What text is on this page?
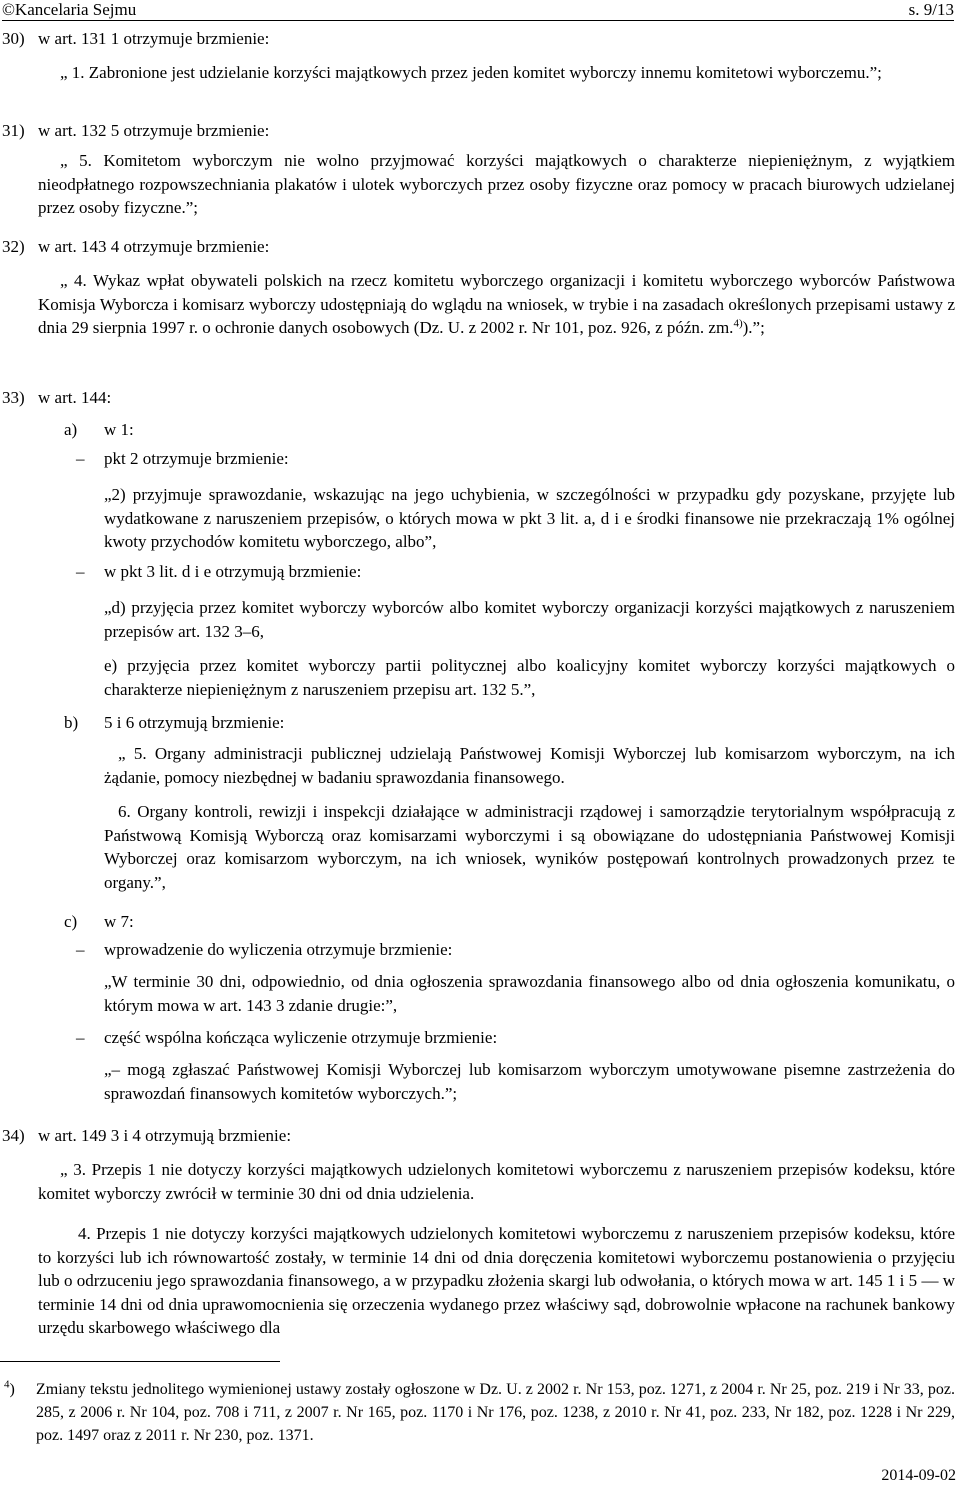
©Kancelaria Sejmu	s. 9/13
30) w art. 131 1 otrzymuje brzmienie:

„ 1. Zabronione jest udzielanie korzyści majątkowych przez jeden komitet wyborczy innemu komitetowi wyborczemu.”;

31) w art. 132 5 otrzymuje brzmienie:

„ 5. Komitetom wyborczym nie wolno przyjmować korzyści majątkowych o charakterze niepieniężnym, z wyjątkiem nieodpłatnego rozpowszechniania plakatów i ulotek wyborczych przez osoby fizyczne oraz pomocy w pracach biurowych udzielanej przez osoby fizyczne.”;

32) w art. 143 4 otrzymuje brzmienie:

„ 4. Wykaz wpłat obywateli polskich na rzecz komitetu wyborczego organizacji i komitetu wyborczego wyborców Państwowa Komisja Wyborcza i komisarz wyborczy udostępniają do wglądu na wniosek, w trybie i na zasadach określonych przepisami ustawy z dnia 29 sierpnia 1997 r. o ochronie danych osobowych (Dz. U. z 2002 r. Nr 101, poz. 926, z późn. zm.$^{4)}$).”;

33) w art. 144:
a) w 1:
– pkt 2 otrzymuje brzmienie:

„2) przyjmuje sprawozdanie, wskazując na jego uchybienia, w szczególności w przypadku gdy pozyskane, przyjęte lub wydatkowane z naruszeniem przepisów, o których mowa w pkt 3 lit. a, d i e środki finansowe nie przekraczają 1% ogólnej kwoty przychodów komitetu wyborczego, albo”,

– w pkt 3 lit. d i e otrzymują brzmienie:

„d) przyjęcia przez komitet wyborczy wyborców albo komitet wyborczy organizacji korzyści majątkowych z naruszeniem przepisów art. 132 3–6,

e) przyjęcia przez komitet wyborczy partii politycznej albo koalicyjny komitet wyborczy korzyści majątkowych o charakterze niepieniężnym z naruszeniem przepisu art. 132 5.”,

b) 5 i 6 otrzymują brzmienie:

„ 5. Organy administracji publicznej udzielają Państwowej Komisji Wyborczej lub komisarzom wyborczym, na ich żądanie, pomocy niezbędnej w badaniu sprawozdania finansowego.

6. Organy kontroli, rewizji i inspekcji działające w administracji rządowej i samorządzie terytorialnym współpracują z Państwową Komisją Wyborczą oraz komisarzami wyborczymi i są obowiązane do udostępniania Państwowej Komisji Wyborczej oraz komisarzom wyborczym, na ich wniosek, wyników postępowań kontrolnych prowadzonych przez te organy.”,

c) w 7:
– wprowadzenie do wyliczenia otrzymuje brzmienie:

„W terminie 30 dni, odpowiednio, od dnia ogłoszenia sprawozdania finansowego albo od dnia ogłoszenia komunikatu, o którym mowa w art. 143 3 zdanie drugie:”,

– część wspólna kończąca wyliczenie otrzymuje brzmienie:

„– mogą zgłaszać Państwowej Komisji Wyborczej lub komisarzom wyborczym umotywowane pisemne zastrzeżenia do sprawozdań finansowych komitetów wyborczych.”;

34) w art. 149 3 i 4 otrzymują brzmienie:

„ 3. Przepis 1 nie dotyczy korzyści majątkowych udzielonych komitetowi wyborczemu z naruszeniem przepisów kodeksu, które komitet wyborczy zwrócił w terminie 30 dni od dnia udzielenia.

4. Przepis 1 nie dotyczy korzyści majątkowych udzielonych komitetowi wyborczemu z naruszeniem przepisów kodeksu, które to korzyści lub ich równowartość zostały, w terminie 14 dni od dnia doręczenia komitetowi wyborczemu postanowienia o przyjęciu lub o odrzuceniu jego sprawozdania finansowego, a w przypadku złożenia skargi lub odwołania, o których mowa w art. 145 1 i 5 — w terminie 14 dni od dnia uprawomocnienia się orzeczenia wydanego przez właściwy sąd, dobrowolnie wpłacone na rachunek bankowy urzędu skarbowego właściwego dla

$^4$) Zmiany tekstu jednolitego wymienionej ustawy zostały ogłoszone w Dz. U. z 2002 r. Nr 153, poz. 1271, z 2004 r. Nr 25, poz. 219 i Nr 33, poz. 285, z 2006 r. Nr 104, poz. 708 i 711, z 2007 r. Nr 165, poz. 1170 i Nr 176, poz. 1238, z 2010 r. Nr 41, poz. 233, Nr 182, poz. 1228 i Nr 229, poz. 1497 oraz z 2011 r. Nr 230, poz. 1371.

2014-09-02
